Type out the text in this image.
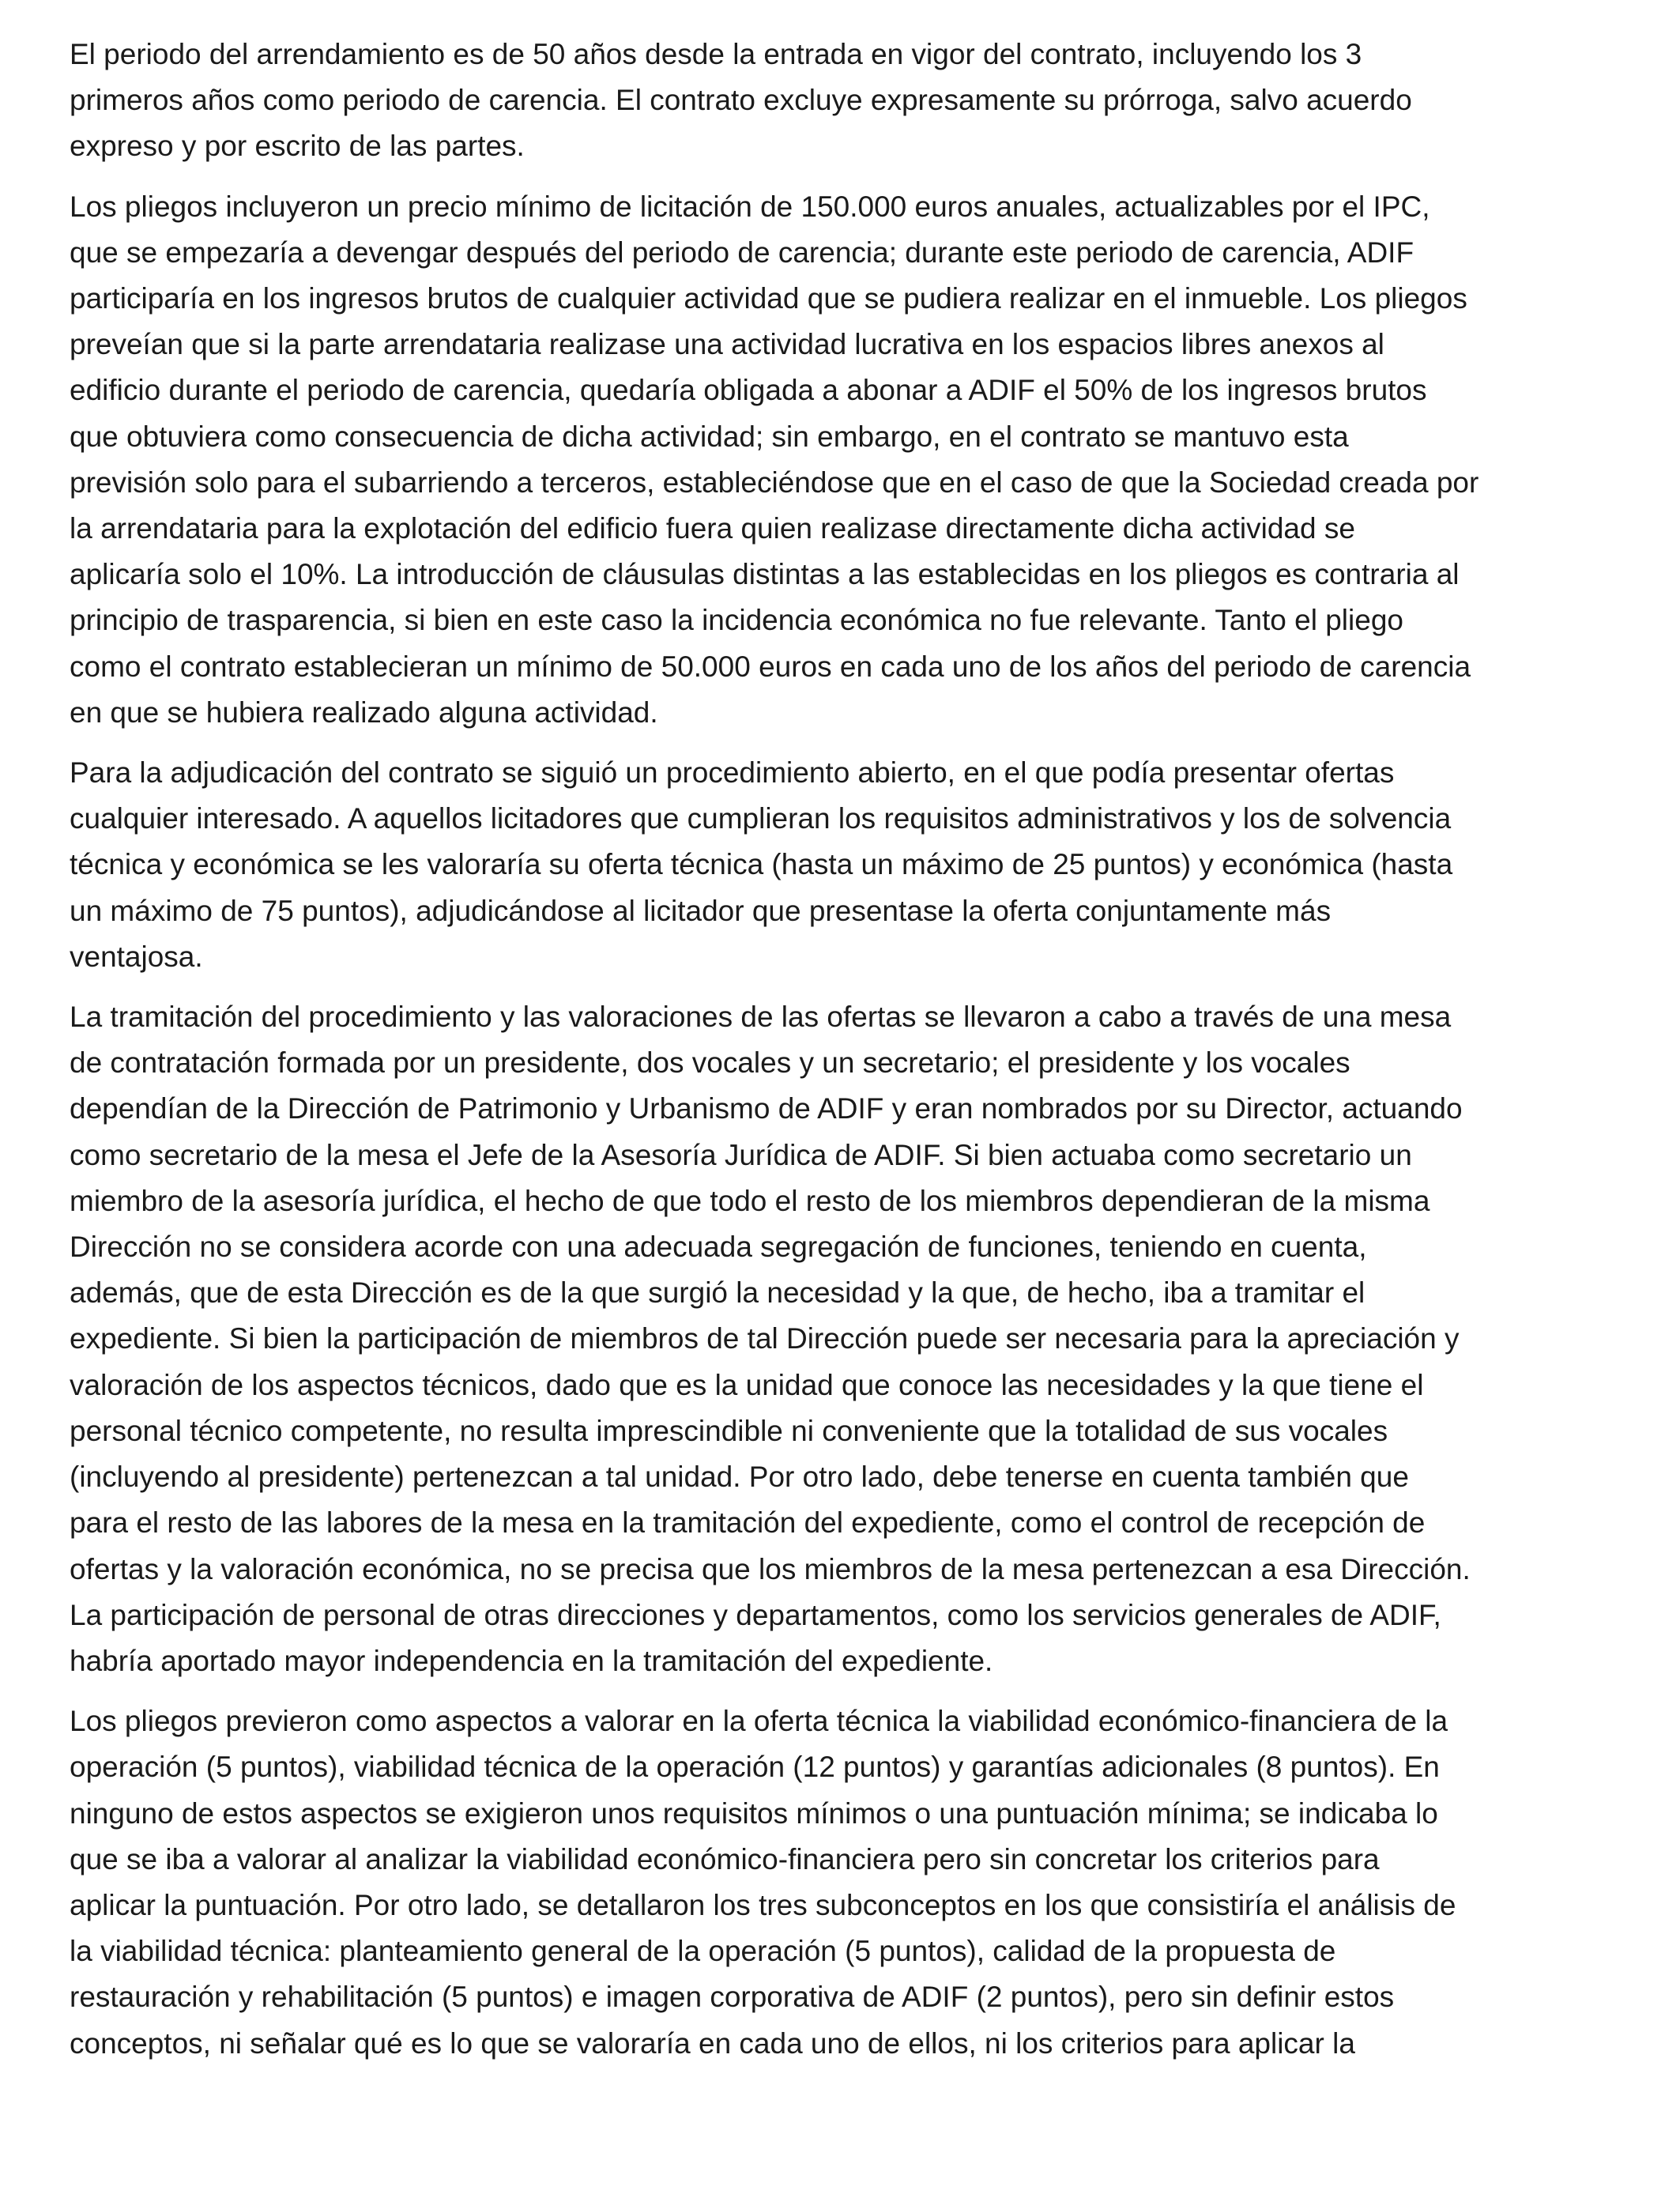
El periodo del arrendamiento es de 50 años desde la entrada en vigor del contrato, incluyendo los 3
primeros años como periodo de carencia. El contrato excluye expresamente su prórroga, salvo acuerdo
expreso y por escrito de las partes.
Los pliegos incluyeron un precio mínimo de licitación de 150.000 euros anuales, actualizables por el IPC,
que se empezaría a devengar después del periodo de carencia; durante este periodo de carencia, ADIF
participaría en los ingresos brutos de cualquier actividad que se pudiera realizar en el inmueble. Los pliegos
preveían que si la parte arrendataria realizase una actividad lucrativa en los espacios libres anexos al
edificio durante el periodo de carencia, quedaría obligada a abonar a ADIF el 50% de los ingresos brutos
que obtuviera como consecuencia de dicha actividad; sin embargo, en el contrato se mantuvo esta
previsión solo para el subarriendo a terceros, estableciéndose que en el caso de que la Sociedad creada por
la arrendataria para la explotación del edificio fuera quien realizase directamente dicha actividad se
aplicaría solo el 10%. La introducción de cláusulas distintas a las establecidas en los pliegos es contraria al
principio de trasparencia, si bien en este caso la incidencia económica no fue relevante. Tanto el pliego
como el contrato establecieran un mínimo de 50.000 euros en cada uno de los años del periodo de carencia
en que se hubiera realizado alguna actividad.
Para la adjudicación del contrato se siguió un procedimiento abierto, en el que podía presentar ofertas
cualquier interesado. A aquellos licitadores que cumplieran los requisitos administrativos y los de solvencia
técnica y económica se les valoraría su oferta técnica (hasta un máximo de 25 puntos) y económica (hasta
un máximo de 75 puntos), adjudicándose al licitador que presentase la oferta conjuntamente más
ventajosa.
La tramitación del procedimiento y las valoraciones de las ofertas se llevaron a cabo a través de una mesa
de contratación formada por un presidente, dos vocales y un secretario; el presidente y los vocales
dependían de la Dirección de Patrimonio y Urbanismo de ADIF y eran nombrados por su Director, actuando
como secretario de la mesa el Jefe de la Asesoría Jurídica de ADIF. Si bien actuaba como secretario un
miembro de la asesoría jurídica, el hecho de que todo el resto de los miembros dependieran de la misma
Dirección no se considera acorde con una adecuada segregación de funciones, teniendo en cuenta,
además, que de esta Dirección es de la que surgió la necesidad y la que, de hecho, iba a tramitar el
expediente. Si bien la participación de miembros de tal Dirección puede ser necesaria para la apreciación y
valoración de los aspectos técnicos, dado que es la unidad que conoce las necesidades y la que tiene el
personal técnico competente, no resulta imprescindible ni conveniente que la totalidad de sus vocales
(incluyendo al presidente) pertenezcan a tal unidad. Por otro lado, debe tenerse en cuenta también que
para el resto de las labores de la mesa en la tramitación del expediente, como el control de recepción de
ofertas y la valoración económica, no se precisa que los miembros de la mesa pertenezcan a esa Dirección.
La participación de personal de otras direcciones y departamentos, como los servicios generales de ADIF,
habría aportado mayor independencia en la tramitación del expediente.
Los pliegos previeron como aspectos a valorar en la oferta técnica la viabilidad económico-financiera de la
operación (5 puntos), viabilidad técnica de la operación (12 puntos) y garantías adicionales (8 puntos). En
ninguno de estos aspectos se exigieron unos requisitos mínimos o una puntuación mínima; se indicaba lo
que se iba a valorar al analizar la viabilidad económico-financiera pero sin concretar los criterios para
aplicar la puntuación. Por otro lado, se detallaron los tres subconceptos en los que consistiría el análisis de
la viabilidad técnica: planteamiento general de la operación (5 puntos), calidad de la propuesta de
restauración y rehabilitación (5 puntos) e imagen corporativa de ADIF (2 puntos), pero sin definir estos
conceptos, ni señalar qué es lo que se valoraría en cada uno de ellos, ni los criterios para aplicar la
